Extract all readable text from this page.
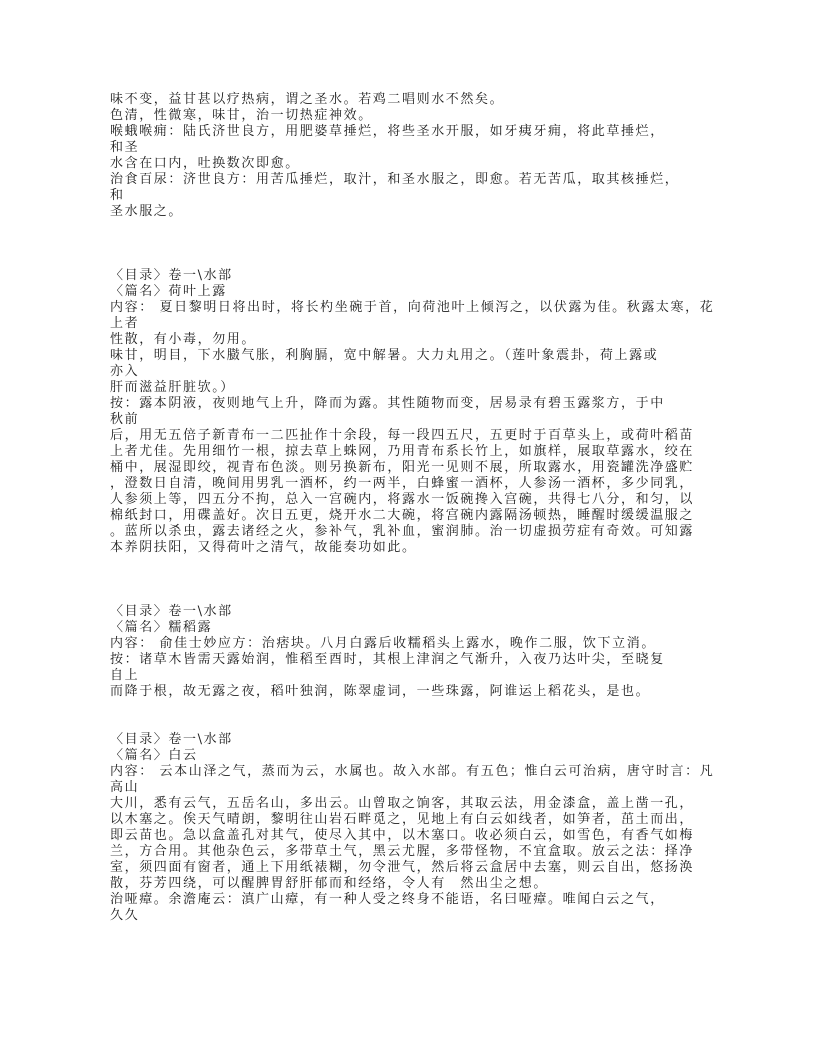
味不变，益甘甚以疗热病，谓之圣水。若鸡二唱则水不然矣。
色清，性微寒，味甘，治一切热症神效。
喉蛾喉痈：陆氏济世良方，用肥婆草捶烂，将些圣水开服，如牙痍牙痈，将此草捶烂，
和圣
水含在口内，吐换数次即愈。
治食百尿：济世良方：用苦瓜捶烂，取汁，和圣水服之，即愈。若无苦瓜，取其核捶烂，
和
圣水服之。

〈目录〉卷一\水部
〈篇名〉荷叶上露
内容： 夏日黎明日将出时，将长杓坐碗于首，向荷池叶上倾泻之，以伏露为佳。秋露太寒，花
上者
性散，有小毒，勿用。
味甘，明目，下水臌气胀，利胸膈，宽中解暑。大力丸用之。（莲叶象震卦，荷上露或
亦入
肝而滋益肝脏欤。）
按：露本阴液，夜则地气上升，降而为露。其性随物而变，居易录有碧玉露浆方，于中
秋前
后，用无五倍子新青布一二匹扯作十余段，每一段四五尺，五更时于百草头上，或荷叶稻苗
上者尤佳。先用细竹一根，掠去草上蛛网，乃用青布系长竹上，如旗样，展取草露水，绞在
桶中，展湿即绞，视青布色淡。则另换新布，阳光一见则不展，所取露水，用瓷罐洗净盛贮
，澄数日自清，晚间用男乳一酒杯，约一两半，白蜂蜜一酒杯，人参汤一酒杯，多少同乳，
人参须上等，四五分不拘，总入一宫碗内，将露水一饭碗搀入宫碗，共得七八分，和匀，以
棉纸封口，用碟盖好。次日五更，烧开水二大碗，将宫碗内露隔汤顿热，睡醒时缓缓温服之
。蓝所以杀虫，露去诸经之火，参补气，乳补血，蜜润肺。治一切虚损劳症有奇效。可知露
本养阴扶阳，又得荷叶之清气，故能奏功如此。

〈目录〉卷一\水部
〈篇名〉糯稻露
内容： 俞佳士妙应方：治痞块。八月白露后收糯稻头上露水，晚作二服，饮下立消。
按：诸草木皆需天露始润，惟稻至酉时，其根上津润之气渐升，入夜乃达叶尖，至晓复
自上
而降于根，故无露之夜，稻叶独润，陈翠虚词，一些珠露，阿谁运上稻花头，是也。

〈目录〉卷一\水部
〈篇名〉白云
内容： 云本山泽之气，蒸而为云，水属也。故入水部。有五色；惟白云可治病，唐守时言：凡
高山
大川，悉有云气，五岳名山，多出云。山曾取之饷客，其取云法，用金漆盒，盖上凿一孔，
以木塞之。俟天气晴朗，黎明往山岩石畔觅之，见地上有白云如线者，如笋者，茁土而出，
即云苗也。急以盒盖孔对其气，使尽入其中，以木塞口。收必须白云，如雪色，有香气如梅
兰，方合用。其他杂色云，多带草土气，黑云尤腥，多带怪物，不宜盒取。放云之法：择净
室，须四面有窗者，通上下用纸裱糊，勿令泄气，然后将云盒居中去塞，则云自出，悠扬涣
散，芬芳四绕，可以醒脾胃舒肝郁而和经络，令人有　然出尘之想。
治哑瘴。余澹庵云：滇广山瘴，有一种人受之终身不能语，名曰哑瘴。唯闻白云之气，
久久
